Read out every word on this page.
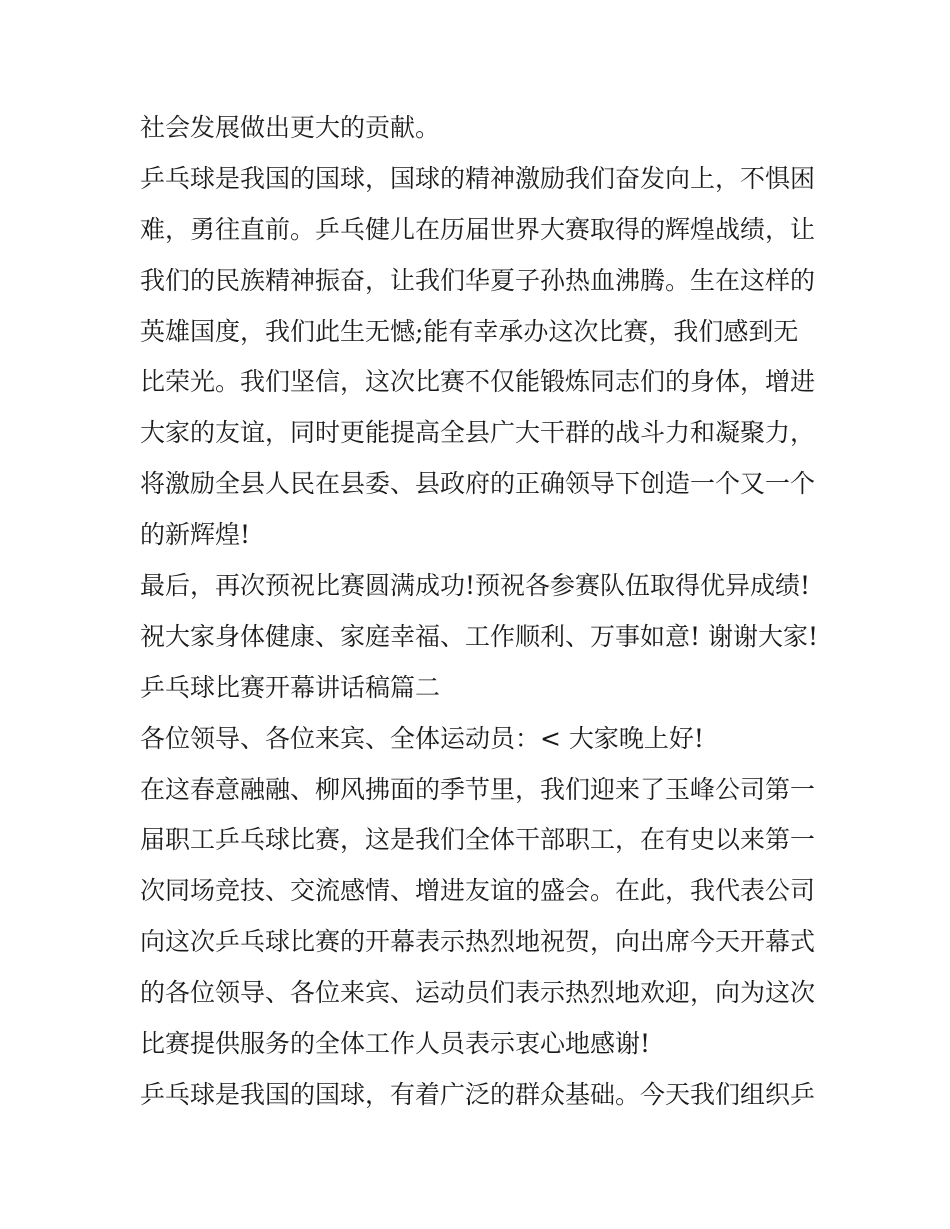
社会发展做出更大的贡献。
乒乓球是我国的国球，国球的精神激励我们奋发向上，不惧困
难，勇往直前。乒乓健儿在历届世界大赛取得的辉煌战绩，让
我们的民族精神振奋，让我们华夏子孙热血沸腾。生在这样的
英雄国度，我们此生无憾;能有幸承办这次比赛，我们感到无
比荣光。我们坚信，这次比赛不仅能锻炼同志们的身体，增进
大家的友谊，同时更能提高全县广大干群的战斗力和凝聚力，
将激励全县人民在县委、县政府的正确领导下创造一个又一个
的新辉煌!
最后，再次预祝比赛圆满成功!预祝各参赛队伍取得优异成绩!
祝大家身体健康、家庭幸福、工作顺利、万事如意! 谢谢大家!
乒乓球比赛开幕讲话稿篇二
各位领导、各位来宾、全体运动员：< 大家晚上好!
在这春意融融、柳风拂面的季节里，我们迎来了玉峰公司第一
届职工乒乓球比赛，这是我们全体干部职工，在有史以来第一
次同场竞技、交流感情、增进友谊的盛会。在此，我代表公司
向这次乒乓球比赛的开幕表示热烈地祝贺，向出席今天开幕式
的各位领导、各位来宾、运动员们表示热烈地欢迎，向为这次
比赛提供服务的全体工作人员表示衷心地感谢!
乒乓球是我国的国球，有着广泛的群众基础。今天我们组织乒
